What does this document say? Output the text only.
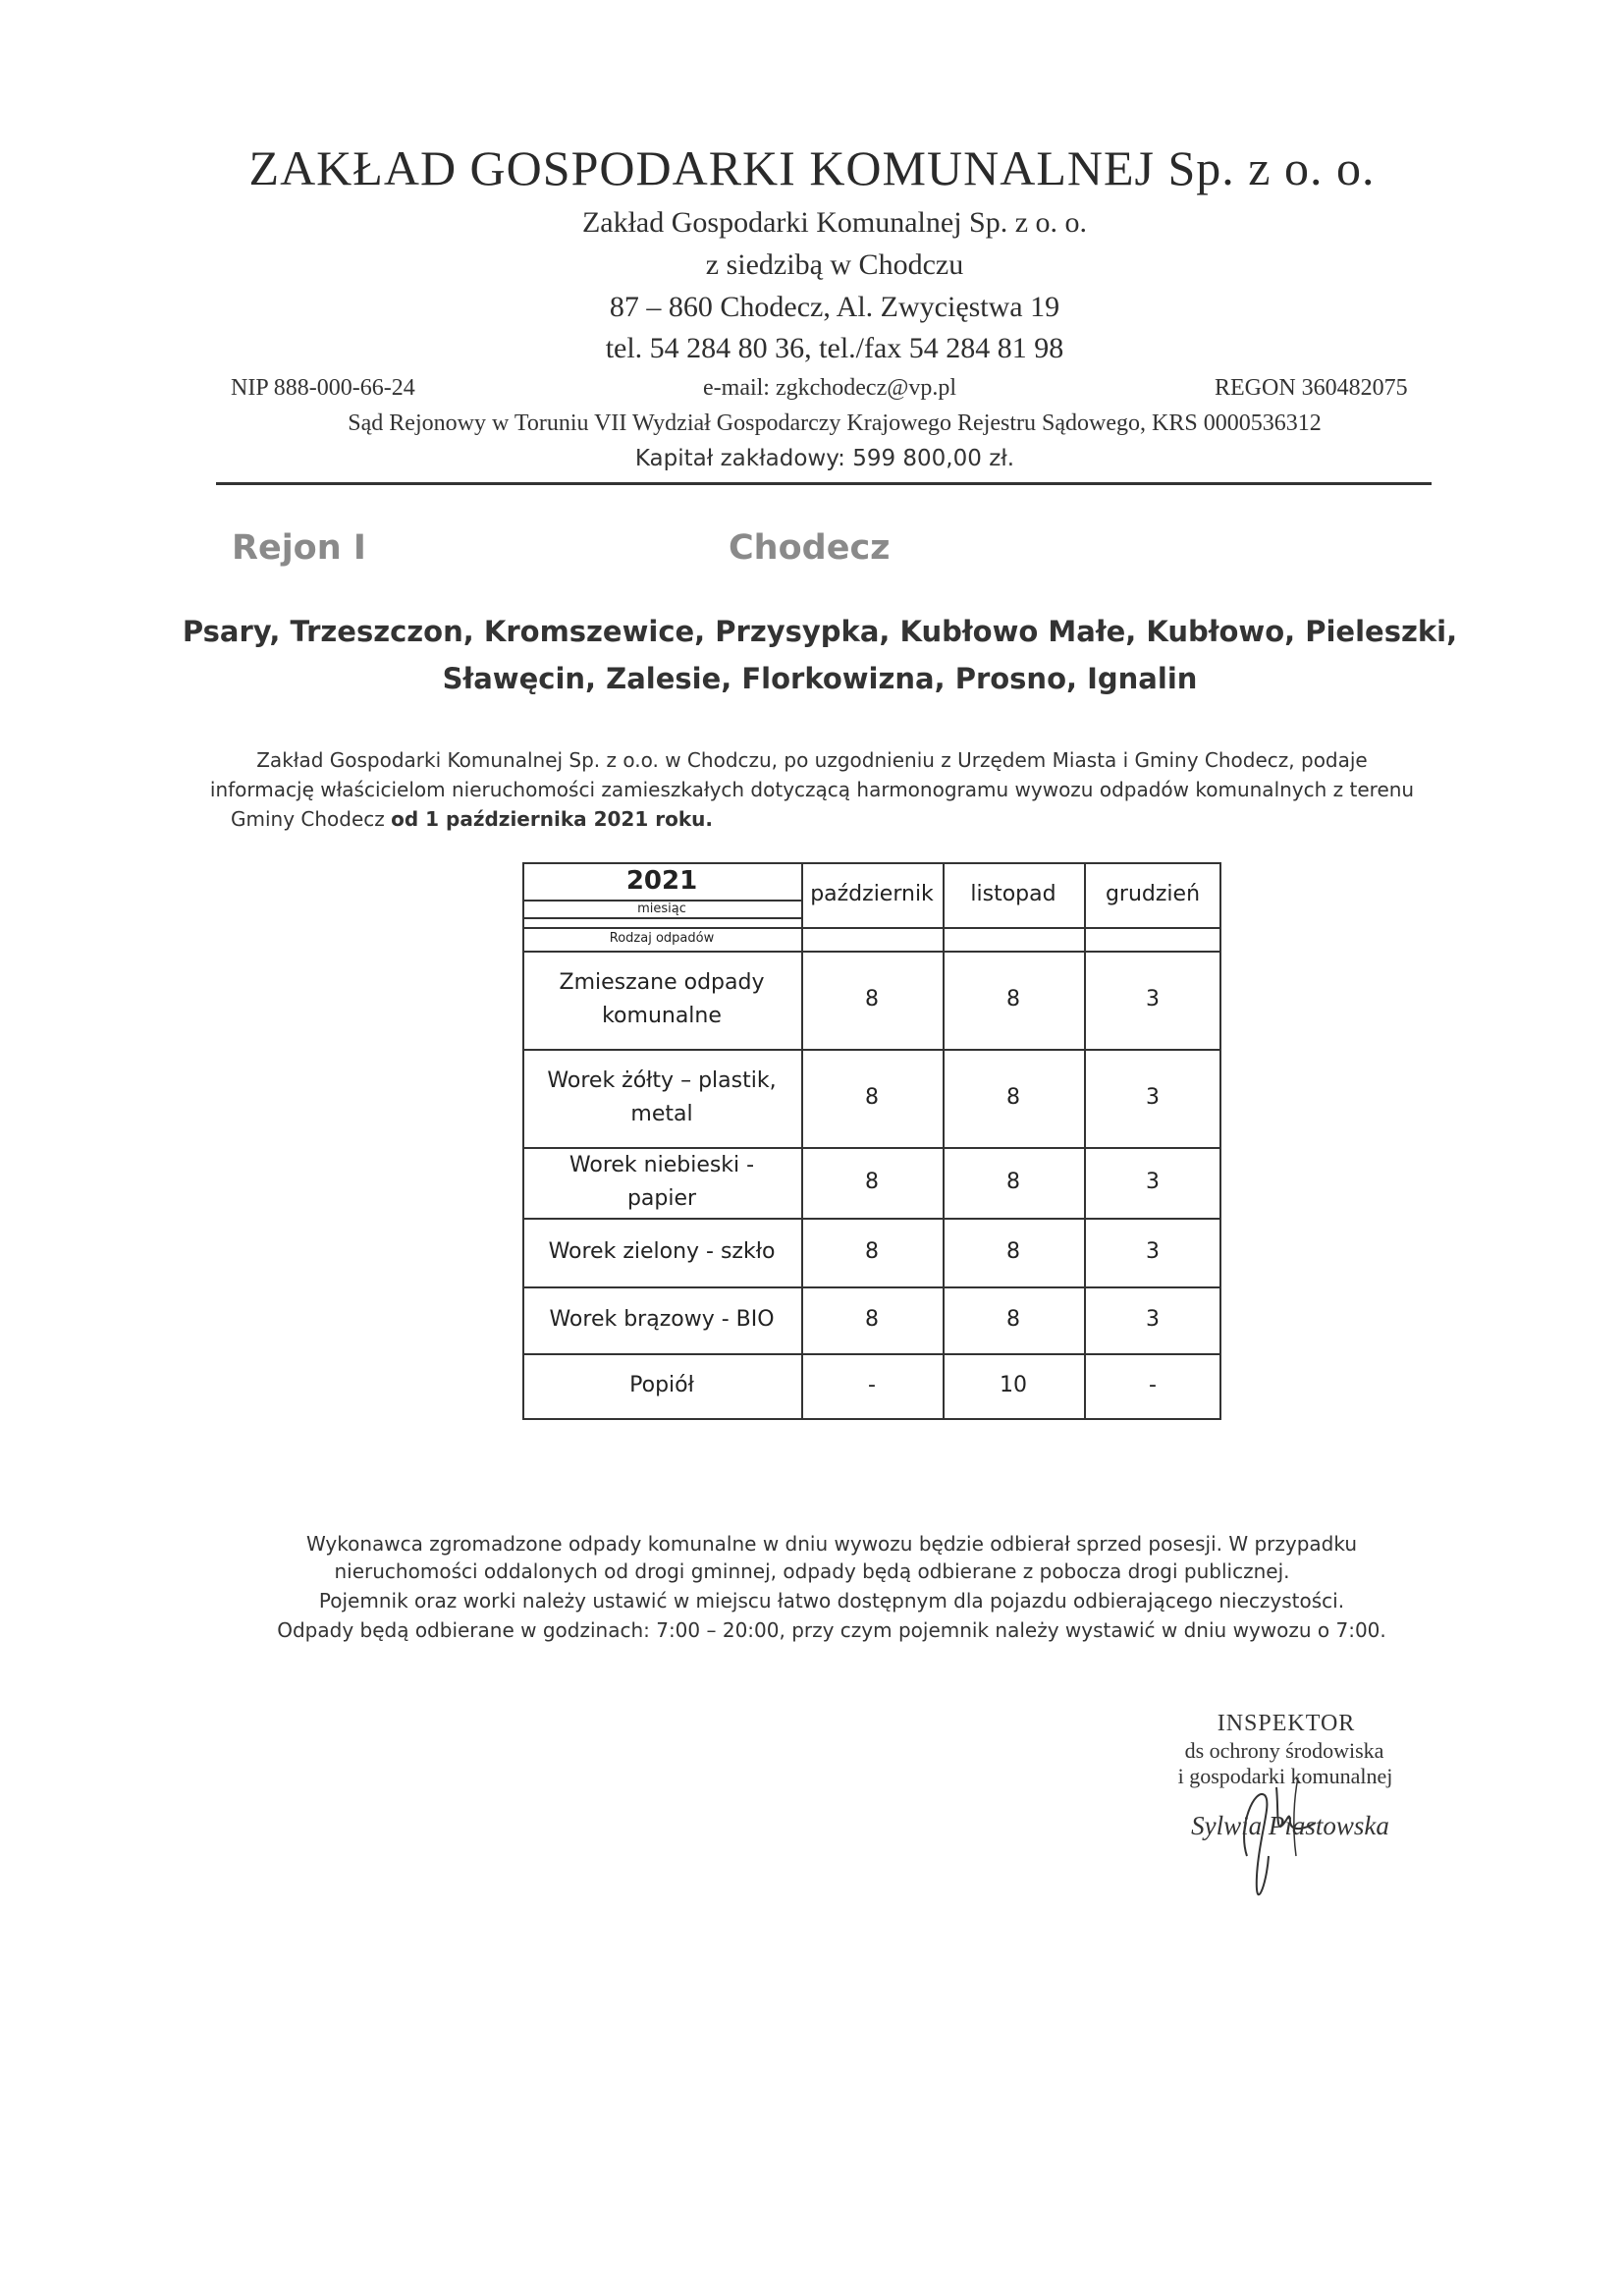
ZAKŁAD GOSPODARKI KOMUNALNEJ Sp. z o. o.
Zakład Gospodarki Komunalnej Sp. z o. o.
z siedzibą w Chodczu
87 – 860 Chodecz, Al. Zwycięstwa 19
tel. 54 284 80 36, tel./fax 54 284 81 98
NIP 888-000-66-24	e-mail: zgkchodecz@vp.pl	REGON 360482075
Sąd Rejonowy w Toruniu VII Wydział Gospodarczy Krajowego Rejestru Sądowego, KRS 0000536312
Kapitał zakładowy: 599 800,00 zł.
Rejon I	Chodecz
Psary, Trzeszczon, Kromszewice, Przysypka, Kubłowo Małe, Kubłowo, Pieleszki,
Sławęcin, Zalesie, Florkowizna, Prosno, Ignalin
Zakład Gospodarki Komunalnej Sp. z o.o. w Chodczu, po uzgodnieniu z Urzędem Miasta i Gminy Chodecz, podaje
informację właścicielom nieruchomości zamieszkałych dotyczącą harmonogramu wywozu odpadów komunalnych z terenu
Gminy Chodecz od 1 października 2021 roku.
2021
miesiąc
Rodzaj odpadów
październik	listopad	grudzień
Zmieszane odpady
komunalne
8	8	3
Worek żółty – plastik,
metal
8	8	3
Worek niebieski -
papier
8	8	3
Worek zielony - szkło	8	8	3
Worek brązowy - BIO	8	8	3
Popiół	-	10	-
Wykonawca zgromadzone odpady komunalne w dniu wywozu będzie odbierał sprzed posesji. W przypadku
nieruchomości oddalonych od drogi gminnej, odpady będą odbierane z pobocza drogi publicznej.
Pojemnik oraz worki należy ustawić w miejscu łatwo dostępnym dla pojazdu odbierającego nieczystości.
Odpady będą odbierane w godzinach: 7:00 – 20:00, przy czym pojemnik należy wystawić w dniu wywozu o 7:00.
INSPEKTOR
ds ochrony środowiska
i gospodarki komunalnej
Sylwia Piastowska
